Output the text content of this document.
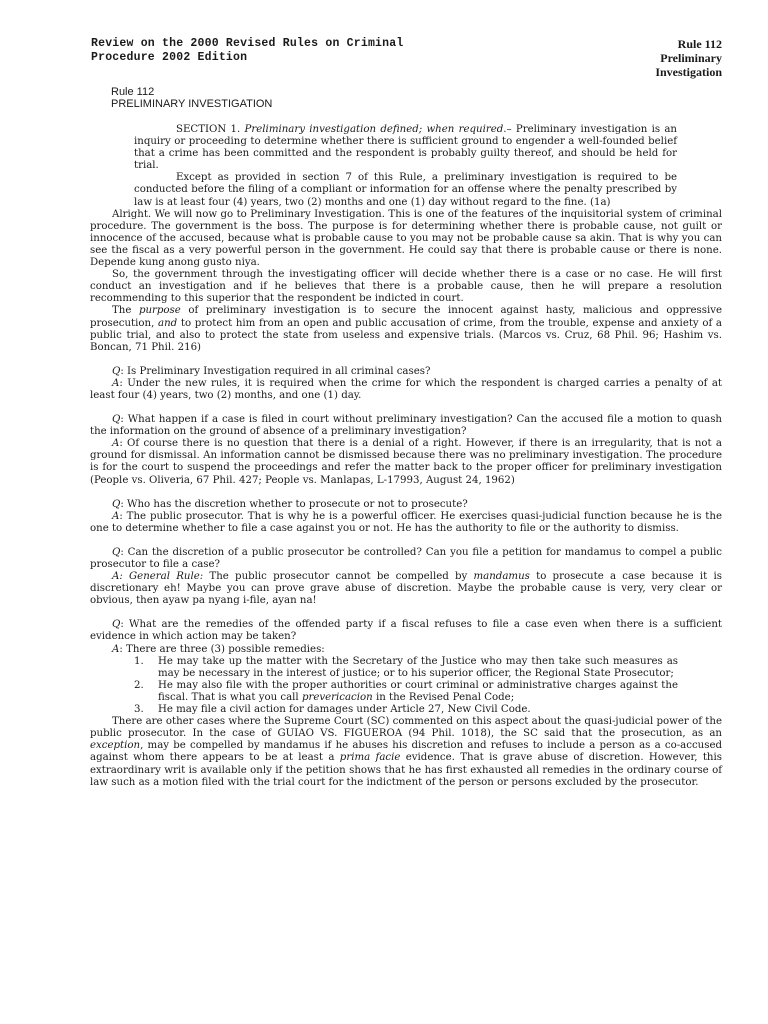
Review on the 2000 Revised Rules on Criminal
Procedure 2002 Edition
Rule 112
Preliminary
Investigation
Rule 112
PRELIMINARY INVESTIGATION

SECTION 1. Preliminary investigation defined; when required.– Preliminary investigation is an inquiry or proceeding to determine whether there is sufficient ground to engender a well-founded belief that a crime has been committed and the respondent is probably guilty thereof, and should be held for trial.

Except as provided in section 7 of this Rule, a preliminary investigation is required to be conducted before the filing of a compliant or information for an offense where the penalty prescribed by law is at least four (4) years, two (2) months and one (1) day without regard to the fine. (1a)

Alright. We will now go to Preliminary Investigation. This is one of the features of the inquisitorial system of criminal procedure. The government is the boss. The purpose is for determining whether there is probable cause, not guilt or innocence of the accused, because what is probable cause to you may not be probable cause sa akin. That is why you can see the fiscal as a very powerful person in the government. He could say that there is probable cause or there is none. Depende kung anong gusto niya.

So, the government through the investigating officer will decide whether there is a case or no case. He will first conduct an investigation and if he believes that there is a probable cause, then he will prepare a resolution recommending to this superior that the respondent be indicted in court.

The purpose of preliminary investigation is to secure the innocent against hasty, malicious and oppressive prosecution, and to protect him from an open and public accusation of crime, from the trouble, expense and anxiety of a public trial, and also to protect the state from useless and expensive trials. (Marcos vs. Cruz, 68 Phil. 96; Hashim vs. Boncan, 71 Phil. 216)

Q: Is Preliminary Investigation required in all criminal cases?

A: Under the new rules, it is required when the crime for which the respondent is charged carries a penalty of at least four (4) years, two (2) months, and one (1) day.

Q: What happen if a case is filed in court without preliminary investigation? Can the accused file a motion to quash the information on the ground of absence of a preliminary investigation?

A: Of course there is no question that there is a denial of a right. However, if there is an irregularity, that is not a ground for dismissal. An information cannot be dismissed because there was no preliminary investigation. The procedure is for the court to suspend the proceedings and refer the matter back to the proper officer for preliminary investigation (People vs. Oliveria, 67 Phil. 427; People vs. Manlapas, L-17993, August 24, 1962)

Q: Who has the discretion whether to prosecute or not to prosecute?

A: The public prosecutor. That is why he is a powerful officer. He exercises quasi-judicial function because he is the one to determine whether to file a case against you or not. He has the authority to file or the authority to dismiss.

Q: Can the discretion of a public prosecutor be controlled? Can you file a petition for mandamus to compel a public prosecutor to file a case?

A: General Rule: The public prosecutor cannot be compelled by mandamus to prosecute a case because it is discretionary eh! Maybe you can prove grave abuse of discretion. Maybe the probable cause is very, very clear or obvious, then ayaw pa nyang i-file, ayan na!

Q: What are the remedies of the offended party if a fiscal refuses to file a case even when there is a sufficient evidence in which action may be taken?

A: There are three (3) possible remedies:

1. He may take up the matter with the Secretary of the Justice who may then take such measures as may be necessary in the interest of justice; or to his superior officer, the Regional State Prosecutor;
2. He may also file with the proper authorities or court criminal or administrative charges against the fiscal. That is what you call prevericacion in the Revised Penal Code;
3. He may file a civil action for damages under Article 27, New Civil Code.

There are other cases where the Supreme Court (SC) commented on this aspect about the quasi-judicial power of the public prosecutor. In the case of GUIAO VS. FIGUEROA (94 Phil. 1018), the SC said that the prosecution, as an exception, may be compelled by mandamus if he abuses his discretion and refuses to include a person as a co-accused against whom there appears to be at least a prima facie evidence. That is grave abuse of discretion. However, this extraordinary writ is available only if the petition shows that he has first exhausted all remedies in the ordinary course of law such as a motion filed with the trial court for the indictment of the person or persons excluded by the prosecutor.
